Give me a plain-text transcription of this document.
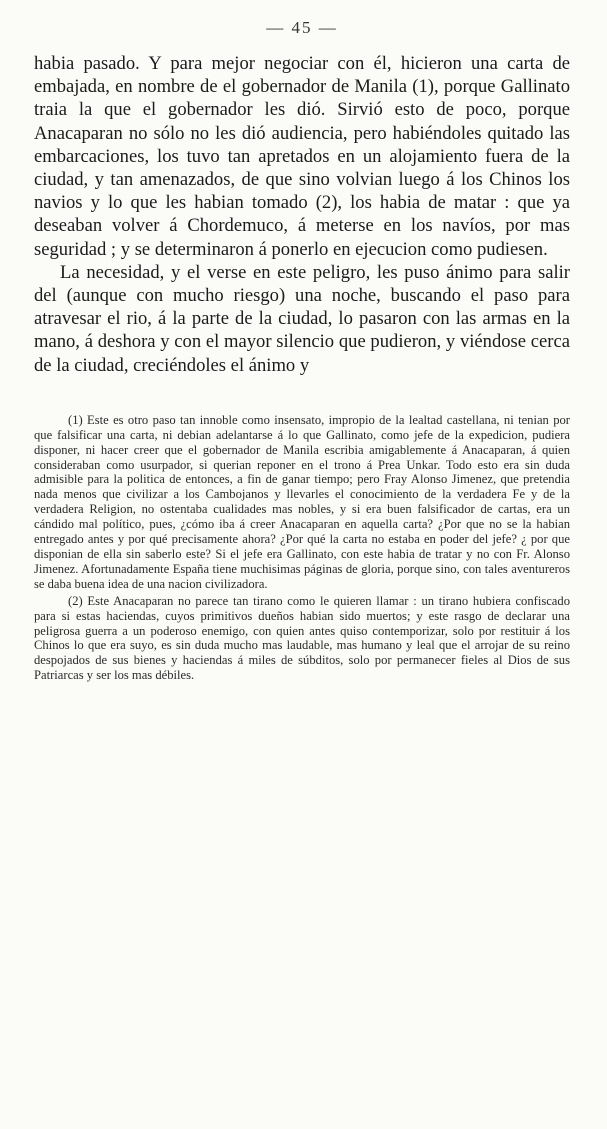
— 45 —

habia pasado. Y para mejor negociar con él, hicieron una carta de embajada, en nombre de el gobernador de Manila (1), porque Gallinato traia la que el gobernador les dió. Sirvió esto de poco, porque Anacaparan no sólo no les dió audiencia, pero habiéndoles quitado las embarcaciones, los tuvo tan apretados en un alojamiento fuera de la ciudad, y tan amenazados, de que sino volvian luego á los Chinos los navios y lo que les habian tomado (2), los habia de matar : que ya deseaban volver á Chordemuco, á meterse en los navíos, por mas seguridad ; y se determinaron á ponerlo en ejecucion como pudiesen.

La necesidad, y el verse en este peligro, les puso ánimo para salir del (aunque con mucho riesgo) una noche, buscando el paso para atravesar el rio, á la parte de la ciudad, lo pasaron con las armas en la mano, á deshora y con el mayor silencio que pudieron, y viéndose cerca de la ciudad, creciéndoles el ánimo y

(1) Este es otro paso tan innoble como insensato, impropio de la lealtad castellana, ni tenian por que falsificar una carta, ni debian adelantarse á lo que Gallinato, como jefe de la expedicion, pudiera disponer, ni hacer creer que el gobernador de Manila escribia amigablemente á Anacaparan, á quien consideraban como usurpador, si querian reponer en el trono á Prea Unkar. Todo esto era sin duda admisible para la politica de entonces, a fin de ganar tiempo; pero Fray Alonso Jimenez, que pretendia nada menos que civilizar a los Cambojanos y llevarles el conocimiento de la verdadera Fe y de la verdadera Religion, no ostentaba cualidades mas nobles, y si era buen falsificador de cartas, era un cándido mal político, pues, ¿cómo iba á creer Anacaparan en aquella carta? ¿Por que no se la habian entregado antes y por qué precisamente ahora? ¿Por qué la carta no estaba en poder del jefe? ¿ por que disponian de ella sin saberlo este? Si el jefe era Gallinato, con este habia de tratar y no con Fr. Alonso Jimenez. Afortunadamente España tiene muchisimas páginas de gloria, porque sino, con tales aventureros se daba buena idea de una nacion civilizadora.

(2) Este Anacaparan no parece tan tirano como le quieren llamar : un tirano hubiera confiscado para si estas haciendas, cuyos primitivos dueños habian sido muertos; y este rasgo de declarar una peligrosa guerra a un poderoso enemigo, con quien antes quiso contemporizar, solo por restituir á los Chinos lo que era suyo, es sin duda mucho mas laudable, mas humano y leal que el arrojar de su reino despojados de sus bienes y haciendas á miles de súbditos, solo por permanecer fieles al Dios de sus Patriarcas y ser los mas débiles.
